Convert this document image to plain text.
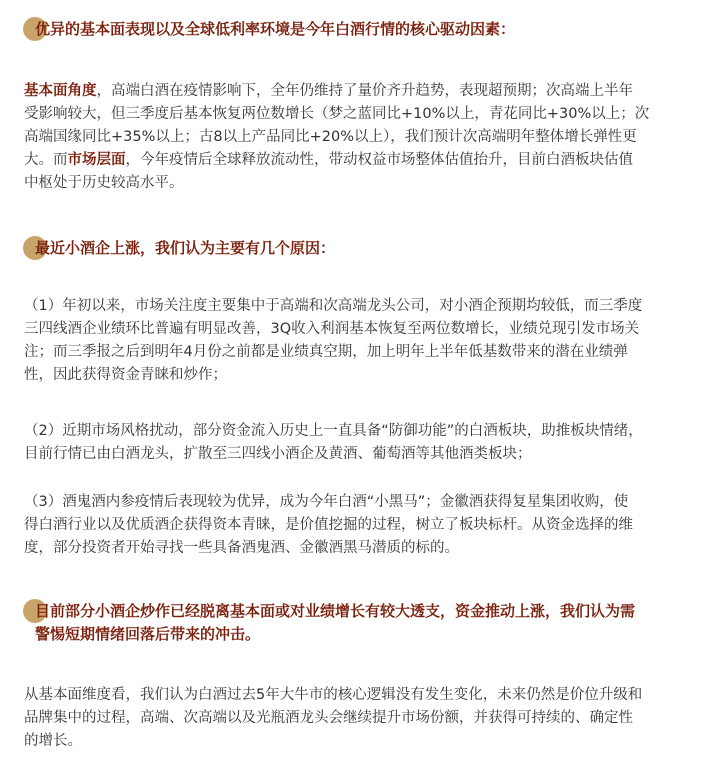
优异的基本面表现以及全球低利率环境是今年白酒行情的核心驱动因素：

基本面角度，高端白酒在疫情影响下，全年仍维持了量价齐升趋势，表现超预期；次高端上半年
受影响较大，但三季度后基本恢复两位数增长（梦之蓝同比+10%以上，青花同比+30%以上；次
高端国缘同比+35%以上；古8以上产品同比+20%以上），我们预计次高端明年整体增长弹性更
大。而市场层面，今年疫情后全球释放流动性，带动权益市场整体估值抬升，目前白酒板块估值
中枢处于历史较高水平。

最近小酒企上涨，我们认为主要有几个原因：

（1）年初以来，市场关注度主要集中于高端和次高端龙头公司，对小酒企预期均较低，而三季度
三四线酒企业绩环比普遍有明显改善，3Q收入利润基本恢复至两位数增长，业绩兑现引发市场关
注；而三季报之后到明年4月份之前都是业绩真空期，加上明年上半年低基数带来的潜在业绩弹
性，因此获得资金青睐和炒作；

（2）近期市场风格扰动，部分资金流入历史上一直具备“防御功能”的白酒板块，助推板块情绪，
目前行情已由白酒龙头，扩散至三四线小酒企及黄酒、葡萄酒等其他酒类板块；

（3）酒鬼酒内参疫情后表现较为优异，成为今年白酒“小黑马”；金徽酒获得复星集团收购，使
得白酒行业以及优质酒企获得资本青睐，是价值挖掘的过程，树立了板块标杆。从资金选择的维
度，部分投资者开始寻找一些具备酒鬼酒、金徽酒黑马潜质的标的。

目前部分小酒企炒作已经脱离基本面或对业绩增长有较大透支，资金推动上涨，我们认为需
警惕短期情绪回落后带来的冲击。

从基本面维度看，我们认为白酒过去5年大牛市的核心逻辑没有发生变化，未来仍然是价位升级和
品牌集中的过程，高端、次高端以及光瓶酒龙头会继续提升市场份额，并获得可持续的、确定性
的增长。
